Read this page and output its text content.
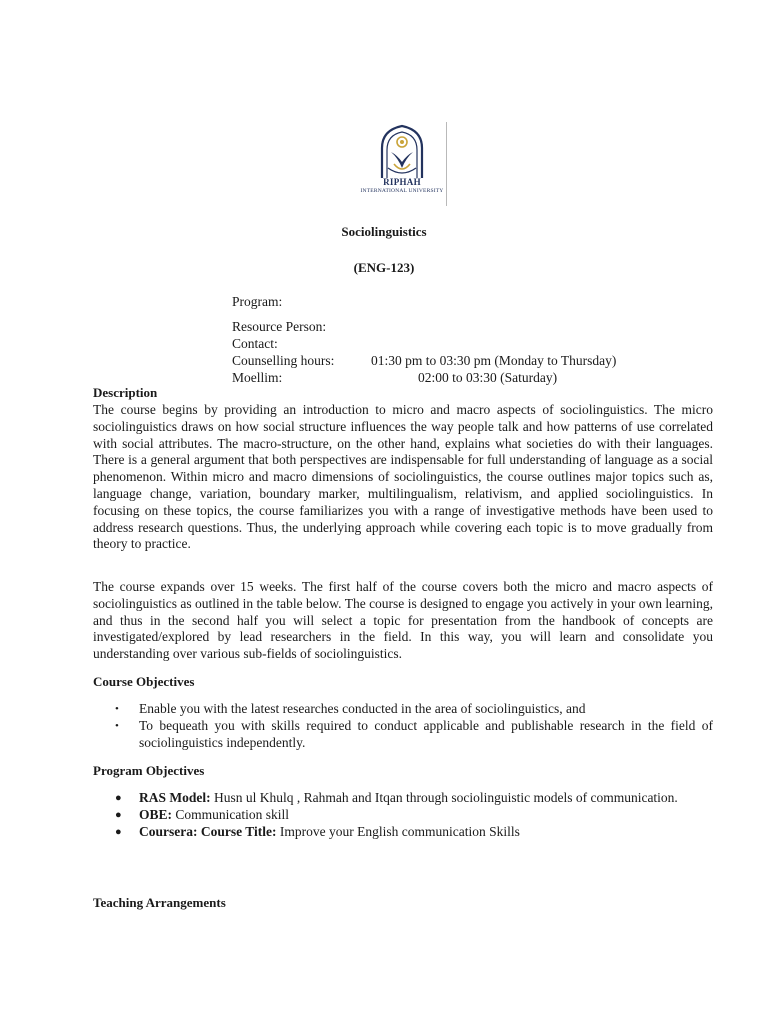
RIPHAH
INTERNATIONAL UNIVERSITY
Sociolinguistics
(ENG-123)
Program:
Resource Person:
Contact:
Counselling hours:	01:30 pm to 03:30 pm (Monday to Thursday)
Moellim:	02:00 to 03:30 (Saturday)
Description

The course begins by providing an introduction to micro and macro aspects of sociolinguistics. The micro sociolinguistics draws on how social structure influences the way people talk and how patterns of use correlated with social attributes. The macro-structure, on the other hand, explains what societies do with their languages. There is a general argument that both perspectives are indispensable for full understanding of language as a social phenomenon. Within micro and macro dimensions of sociolinguistics, the course outlines major topics such as, language change, variation, boundary marker, multilingualism, relativism, and applied sociolinguistics. In focusing on these topics, the course familiarizes you with a range of investigative methods have been used to address research questions. Thus, the underlying approach while covering each topic is to move gradually from theory to practice.

The course expands over 15 weeks. The first half of the course covers both the micro and macro aspects of sociolinguistics as outlined in the table below. The course is designed to engage you actively in your own learning, and thus in the second half you will select a topic for presentation from the handbook of concepts are investigated/explored by lead researchers in the field. In this way, you will learn and consolidate you understanding over various sub-fields of sociolinguistics.

Course Objectives
• Enable you with the latest researches conducted in the area of sociolinguistics, and
• To bequeath you with skills required to conduct applicable and publishable research in the field of sociolinguistics independently.
Program Objectives
● RAS Model: Husn ul Khulq , Rahmah and Itqan through sociolinguistic models of communication.
● OBE: Communication skill
● Coursera: Course Title: Improve your English communication Skills
Teaching Arrangements
